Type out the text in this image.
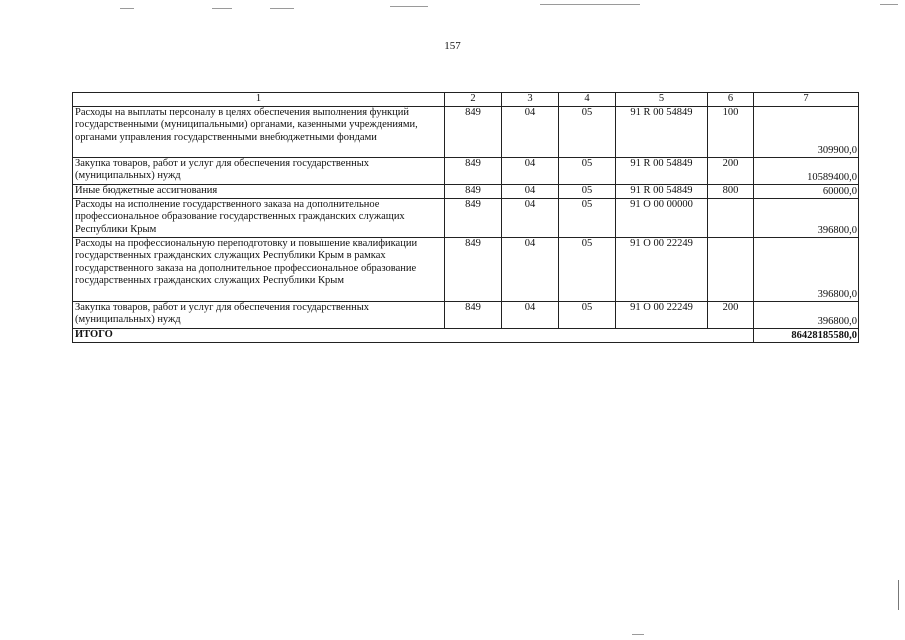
157
1	2	3	4	5	6	7
Расходы на выплаты персоналу в целях обеспечения выполнения функций государственными (муниципальными) органами, казенными учреждениями, органами управления государственными внебюджетными фондами	849	04	05	91 R 00 54849	100	309900,0
Закупка товаров, работ и услуг для обеспечения государственных (муниципальных) нужд	849	04	05	91 R 00 54849	200	10589400,0
Иные бюджетные ассигнования	849	04	05	91 R 00 54849	800	60000,0
Расходы на исполнение государственного заказа на дополнительное профессиональное образование государственных гражданских служащих Республики Крым	849	04	05	91 О 00 00000		396800,0
Расходы на профессиональную переподготовку и повышение квалификации государственных гражданских служащих Республики Крым в рамках государственного заказа на дополнительное профессиональное образование государственных гражданских служащих Республики Крым	849	04	05	91 О 00 22249		396800,0
Закупка товаров, работ и услуг для обеспечения государственных (муниципальных) нужд	849	04	05	91 О 00 22249	200	396800,0
ИТОГО						86428185580,0
